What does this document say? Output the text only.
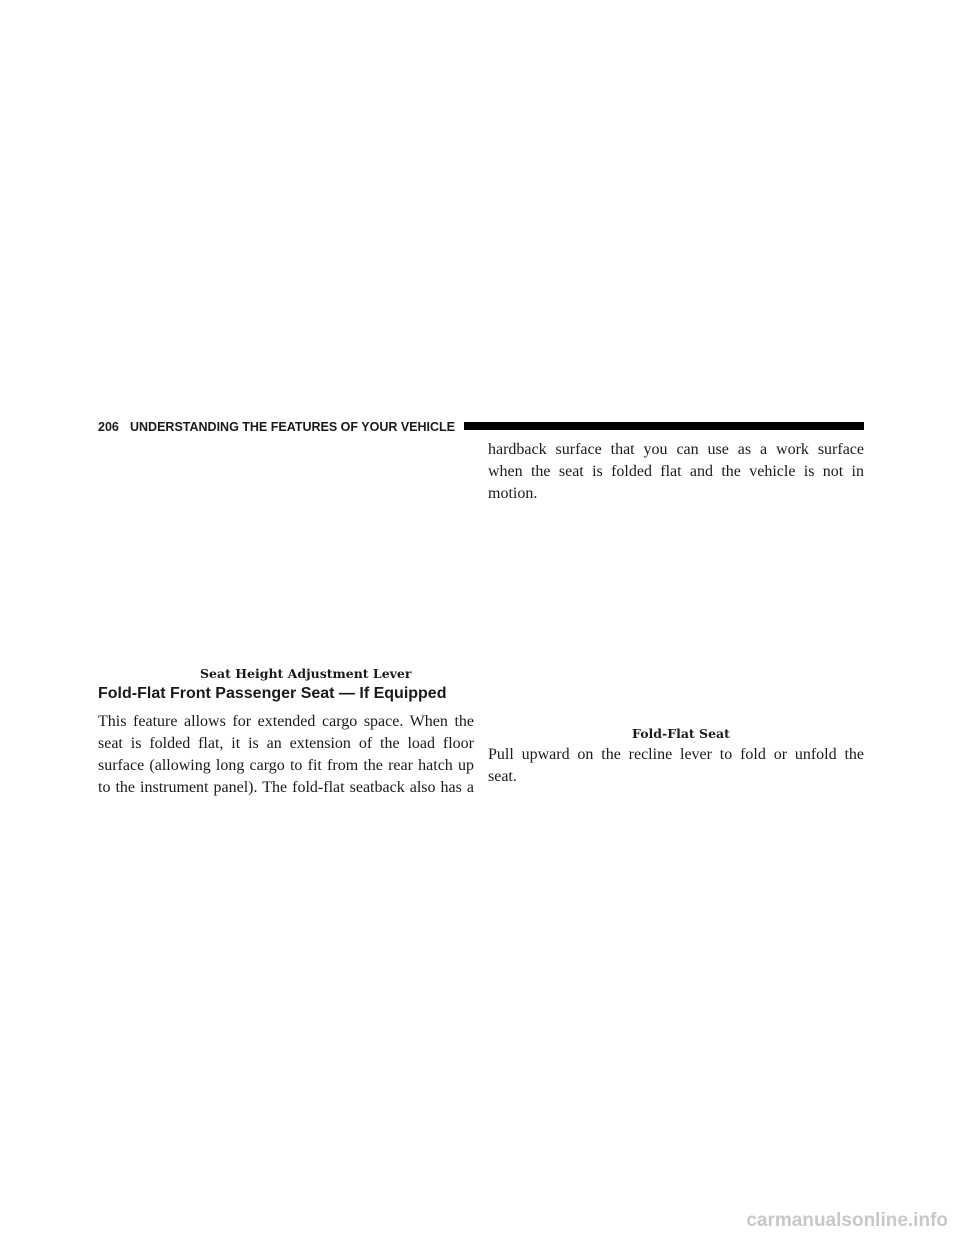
206 UNDERSTANDING THE FEATURES OF YOUR VEHICLE
Seat Height Adjustment Lever
Fold-Flat Front Passenger Seat — If Equipped
This feature allows for extended cargo space. When the
seat is folded flat, it is an extension of the load floor
surface (allowing long cargo to fit from the rear hatch up
to the instrument panel). The fold-flat seatback also has a
hardback surface that you can use as a work surface
when the seat is folded flat and the vehicle is not in
motion.
Fold-Flat Seat
Pull upward on the recline lever to fold or unfold the
seat.
carmanualsonline.info
